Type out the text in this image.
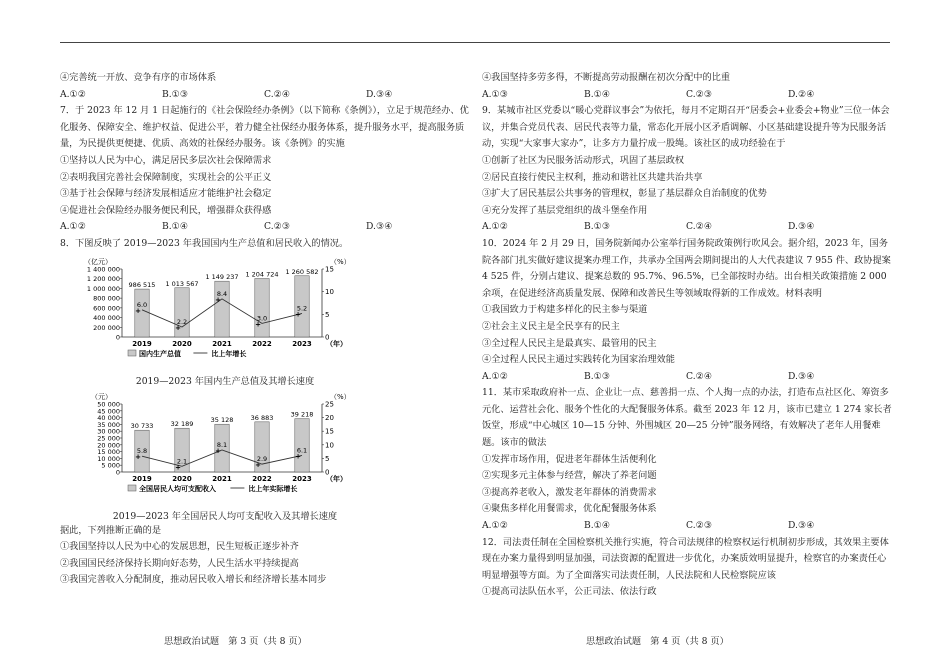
④完善统一开放、竞争有序的市场体系
A.①②	B.①③	C.②④	D.③④
7．于 2023 年 12 月 1 日起施行的《社会保险经办条例》（以下简称《条例》），立足于规范经办、优化服务、保障安全、维护权益、促进公平，着力健全社保经办服务体系，提升服务水平，提高服务质量，为民提供更便捷、优质、高效的社保经办服务。该《条例》的实施
①坚持以人民为中心，满足居民多层次社会保障需求
②表明我国完善社会保障制度，实现社会的公平正义
③基于社会保障与经济发展相适应才能维护社会稳定
④促进社会保险经办服务便民利民，增强群众获得感
A.①②	B.①④	C.②③	D.③④
8．下图反映了 2019—2023 年我国国内生产总值和居民收入的情况。
（亿元）	（%）
0
200 000
400 000
600 000
800 000
1 000 000
1 200 000
1 400 000
0
5
10
15
986 515
2019
1 013 567
2020
1 149 237
2021
1 204 724
2022
1 260 582
2023 （年）
+
6.0
+
2.2
+
8.4
+
3.0	+
5.2
国内生产总值	比上年增长
2019—2023 年国内生产总值及其增长速度
（元）	（%）
0
5 000
10 000
15 000
20 000
25 000
30 000
35 000
40 000
45 000
50 000
0
5
10
15
20
25
30 733
2019
32 189
2020
35 128
2021
36 883
2022
39 218
2023 （年）
+
5.8
+
2.1
+
8.1
+
2.9	+
6.1
全国居民人均可支配收入	比上年实际增长
2019—2023 年全国居民人均可支配收入及其增长速度
据此，下列推断正确的是
①我国坚持以人民为中心的发展思想，民生短板正逐步补齐
②我国国民经济保持长期向好态势，人民生活水平持续提高
③我国完善收入分配制度，推动居民收入增长和经济增长基本同步
④我国坚持多劳多得，不断提高劳动报酬在初次分配中的比重
A.①③	B.①④	C.②③	D.②④
9．某城市社区党委以“暖心党群议事会”为依托，每月不定期召开“居委会+业委会+物业”三位一体会议，并集合党员代表、居民代表等力量，常态化开展小区矛盾调解、小区基础建设提升等为民服务活动，实现“大家事大家办”，让多方力量拧成一股绳。该社区的成功经验在于
①创新了社区为民服务活动形式，巩固了基层政权
②居民直接行使民主权利，推动和谐社区共建共治共享
③扩大了居民基层公共事务的管理权，彰显了基层群众自治制度的优势
④充分发挥了基层党组织的战斗堡垒作用
A.①②	B.①③	C.②④	D.③④
10．2024 年 2 月 29 日，国务院新闻办公室举行国务院政策例行吹风会。据介绍，2023 年，国务院各部门扎实做好建议提案办理工作，共承办全国两会期间提出的人大代表建议 7 955 件、政协提案 4 525 件，分别占建议、提案总数的 95.7%、96.5%，已全部按时办结。出台相关政策措施 2 000 余项，在促进经济高质量发展、保障和改善民生等领域取得新的工作成效。材料表明
①我国致力于构建多样化的民主参与渠道
②社会主义民主是全民享有的民主
③全过程人民民主是最真实、最管用的民主
④全过程人民民主通过实践转化为国家治理效能
A.①②	B.①③	C.②④	D.③④
11．某市采取政府补一点、企业让一点、慈善捐一点、个人掏一点的办法，打造布点社区化、筹资多元化、运营社会化、服务个性化的大配餐服务体系。截至 2023 年 12 月，该市已建立 1 274 家长者饭堂，形成“中心城区 10—15 分钟、外围城区 20—25 分钟”服务网络，有效解决了老年人用餐难题。该市的做法
①发挥市场作用，促进老年群体生活便利化
②实现多元主体参与经营，解决了养老问题
③提高养老收入，激发老年群体的消费需求
④聚焦多样化用餐需求，优化配餐服务体系
A.①②	B.①④	C.②③	D.③④
12．司法责任制在全国检察机关推行实施，符合司法规律的检察权运行机制初步形成，其效果主要体现在办案力量得到明显加强，司法资源的配置进一步优化，办案质效明显提升，检察官的办案责任心明显增强等方面。为了全面落实司法责任制，人民法院和人民检察院应该
①提高司法队伍水平，公正司法、依法行政
思想政治试题　第 3 页（共 8 页）	思想政治试题　第 4 页（共 8 页）
